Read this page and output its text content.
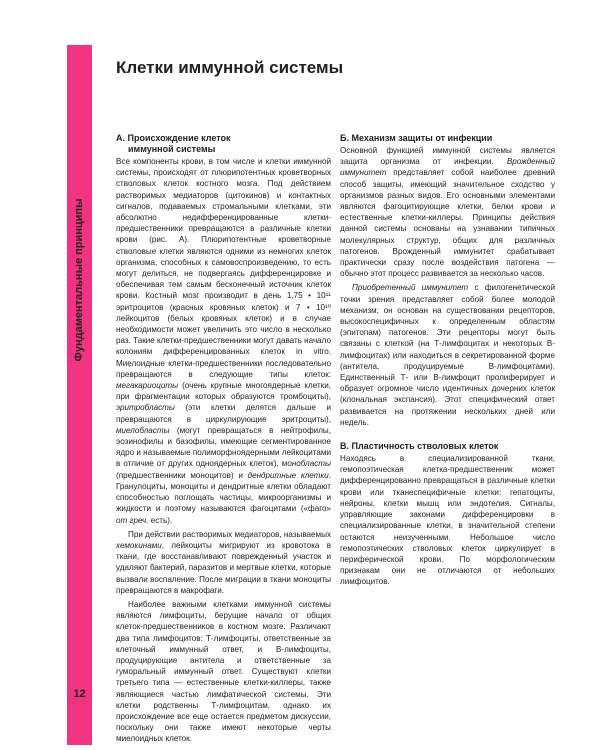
Фундаментальные принципы
12
Клетки иммунной системы
А. Происхождение клеток
иммунной системы

Все компоненты крови, в том числе и клетки иммунной системы, происходят от плюрипотентных кроветворных стволовых клеток костного мозга. Под действием растворимых медиаторов (цитокинов) и контактных сигналов, подаваемых стромальными клетками, эти абсолютно недифференцированные клетки-предшественники превращаются в различные клетки крови (рис. А). Плюрипотентные кроветворные стволовые клетки являются одними из немногих клеток организма, способных к самовоспроизведению, то есть могут делиться, не подвергаясь дифференцировке и обеспечивая тем самым бесконечный источник клеток крови. Костный мозг производит в день 1,75 • 10¹¹ эритроцитов (красных кровяных клеток) и 7 • 10¹⁰ лейкоцитов (белых кровяных клеток) и в случае необходимости может увеличить это число в несколько раз. Такие клетки-предшественники могут давать начало колониям дифференцированных клеток in vitro. Миелоидные клетки-предшественники последовательно превращаются в следующие типы клеток: мегакариоциты (очень крупные многоядерные клетки, при фрагментации которых образуются тромбоциты), эритробласты (эти клетки делятся дальше и превращаются в циркулирующие эритроциты), миелобласты (могут превращаться в нейтрофилы, эозинофилы и базофилы, имеющие сегментированное ядро и называемые полиморфноядерными лейкоцитами в отличие от других одноядерных клеток), монобласты (предшественники моноцитов) и дендритные клетки. Гранулоциты, моноциты и дендритные клетки обладают способностью поглощать частицы, микроорганизмы и жидкости и поэтому называются фагоцитами («фаго» от греч. есть).

При действии растворимых медиаторов, называемых хемокинами, лейкоциты мигрируют из кровотока в ткани, где восстанавливают поврежденный участок и удаляют бактерий, паразитов и мертвые клетки, которые вызвали воспаление. После миграции в ткани моноциты превращаются в макрофаги.

Наиболее важными клетками иммунной системы являются лимфоциты, берущие начало от общих клеток-предшественников в костном мозге. Различают два типа лимфоцитов: Т-лимфоциты, ответственные за клеточный иммунный ответ, и В-лимфоциты, продуцирующие антитела и ответственные за гуморальный иммунный ответ. Существуют клетки третьего типа — естественные клетки-киллеры, также являющиеся частью лимфатической системы. Эти клетки родственны Т-лимфоцитам, однако их происхождение все еще остается предметом дискуссии, поскольку они также имеют некоторые черты миелоидных клеток.

Б. Механизм защиты от инфекции

Основной функцией иммунной системы является защита организма от инфекции. Врожденный иммунитет представляет собой наиболее древний способ защиты, имеющий значительное сходство у организмов разных видов. Его основными элементами являются фагоцитирующие клетки, белки крови и естественные клетки-киллеры. Принципы действия данной системы основаны на узнавании типичных молекулярных структур, общих для различных патогенов. Врожденный иммунитет срабатывает практически сразу после воздействия патогена — обычно этот процесс развивается за несколько часов.

Приобретенный иммунитет с филогенетической точки зрения представляет собой более молодой механизм; он основан на существовании рецепторов, высокоспецифичных к определенным областям (эпитопам) патогенов. Эти рецепторы могут быть связаны с клеткой (на Т-лимфоцитах и некоторых В-лимфоцитах) или находиться в секретированной форме (антитела, продуцируемые В-лимфоцитами). Единственный Т- или В-лимфоцит пролиферирует и образует огромное число идентичных дочерних клеток (клональная экспансия). Этот специфический ответ развивается на протяжении нескольких дней или недель.

В. Пластичность стволовых клеток

Находясь в специализированной ткани, гемопоэтическая клетка-предшественник может дифференцированно превращаться в различные клетки крови или тканеспецифичные клетки: гепатоциты, нейроны, клетки мышц или эндотелия. Сигналы, управляющие законами дифференцировки в специализированные клетки, в значительной степени остаются неизученными. Небольшое число гемопоэтических стволовых клеток циркулирует в периферической крови. По морфологическим признакам они не отличаются от небольших лимфоцитов.
